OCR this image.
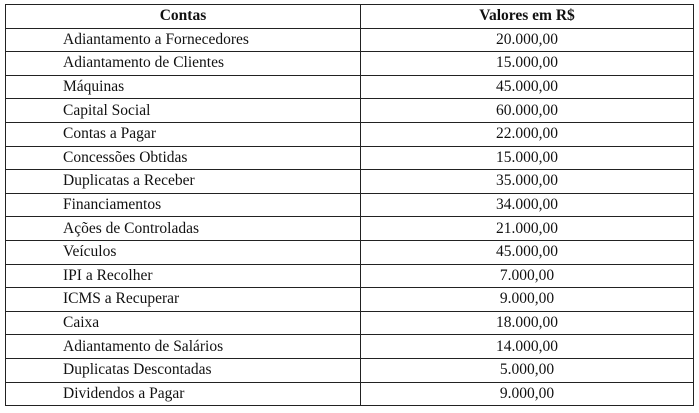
Contas	Valores em R$
Adiantamento a Fornecedores	20.000,00
Adiantamento de Clientes	15.000,00
Máquinas	45.000,00
Capital Social	60.000,00
Contas a Pagar	22.000,00
Concessões Obtidas	15.000,00
Duplicatas a Receber	35.000,00
Financiamentos	34.000,00
Ações de Controladas	21.000,00
Veículos	45.000,00
IPI a Recolher	7.000,00
ICMS a Recuperar	9.000,00
Caixa	18.000,00
Adiantamento de Salários	14.000,00
Duplicatas Descontadas	5.000,00
Dividendos a Pagar	9.000,00
